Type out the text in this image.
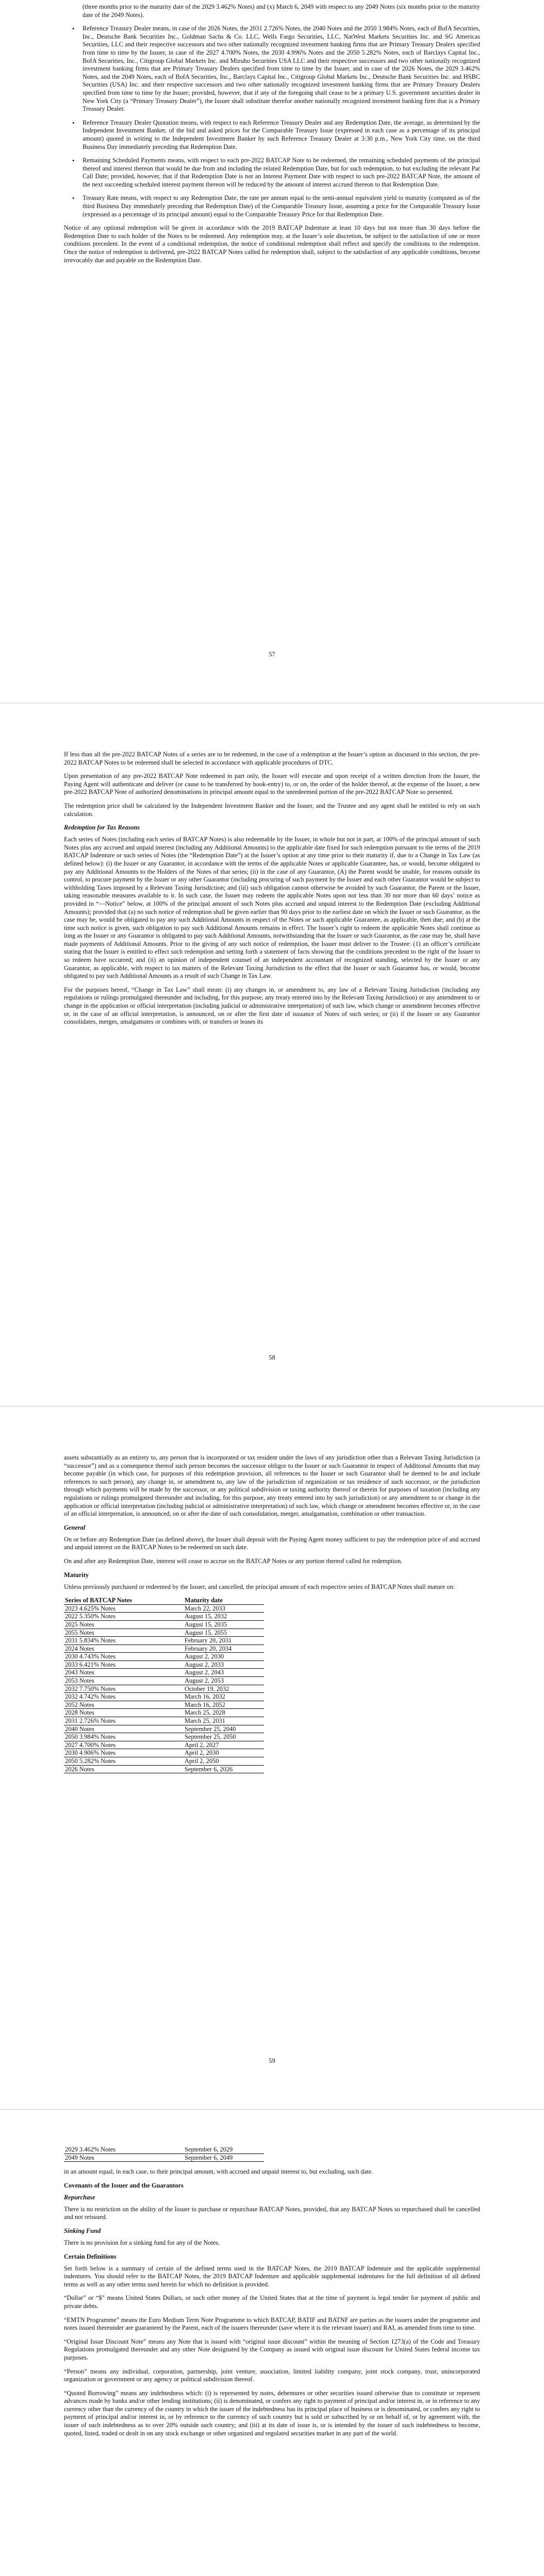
(three months prior to the maturity date of the 2029 3.462% Notes) and (x) March 6, 2049 with respect to any 2049 Notes (six months prior to the maturity date of the 2049 Notes).

• Reference Treasury Dealer means, in case of the 2026 Notes, the 2031 2.726% Notes, the 2040 Notes and the 2050 3.984% Notes, each of BofA Securities, Inc., Deutsche Bank Securities Inc., Goldman Sachs & Co. LLC, Wells Fargo Securities, LLC, NatWest Markets Securities Inc. and SG Americas Securities, LLC and their respective successors and two other nationally recognized investment banking firms that are Primary Treasury Dealers specified from time to time by the Issuer, in case of the 2027 4.700% Notes, the 2030 4.996% Notes and the 2050 5.282% Notes, each of Barclays Capital Inc., BofA Securities, Inc., Citigroup Global Markets Inc. and Mizuho Securities USA LLC and their respective successors and two other nationally recognized investment banking firms that are Primary Treasury Dealers specified from time to time by the Issuer, and in case of the 2026 Notes, the 2029 3.462% Notes, and the 2049 Notes, each of BofA Securities, Inc., Barclays Capital Inc., Citigroup Global Markets Inc., Deutsche Bank Securities Inc. and HSBC Securities (USA) Inc. and their respective successors and two other nationally recognized investment banking firms that are Primary Treasury Dealers specified from time to time by the Issuer; provided, however, that if any of the foregoing shall cease to be a primary U.S. government securities dealer in New York City (a “Primary Treasury Dealer”), the Issuer shall substitute therefor another nationally recognized investment banking firm that is a Primary Treasury Dealer.

• Reference Treasury Dealer Quotation means, with respect to each Reference Treasury Dealer and any Redemption Date, the average, as determined by the Independent Investment Banker, of the bid and asked prices for the Comparable Treasury Issue (expressed in each case as a percentage of its principal amount) quoted in writing to the Independent Investment Banker by such Reference Treasury Dealer at 3:30 p.m., New York City time, on the third Business Day immediately preceding that Redemption Date.

• Remaining Scheduled Payments means, with respect to each pre-2022 BATCAP Note to be redeemed, the remaining scheduled payments of the principal thereof and interest thereon that would be due from and including the related Redemption Date, but for such redemption, to but excluding the relevant Par Call Date; provided, however, that if that Redemption Date is not an Interest Payment Date with respect to such pre-2022 BATCAP Note, the amount of the next succeeding scheduled interest payment thereon will be reduced by the amount of interest accrued thereon to that Redemption Date.

• Treasury Rate means, with respect to any Redemption Date, the rate per annum equal to the semi-annual equivalent yield to maturity (computed as of the third Business Day immediately preceding that Redemption Date) of the Comparable Treasury Issue, assuming a price for the Comparable Treasury Issue (expressed as a percentage of its principal amount) equal to the Comparable Treasury Price for that Redemption Date.

Notice of any optional redemption will be given in accordance with the 2019 BATCAP Indenture at least 10 days but not more than 30 days before the Redemption Date to each holder of the Notes to be redeemed. Any redemption may, at the Issuer’s sole discretion, be subject to the satisfaction of one or more conditions precedent. In the event of a conditional redemption, the notice of conditional redemption shall reflect and specify the conditions to the redemption. Once the notice of redemption is delivered, pre-2022 BATCAP Notes called for redemption shall, subject to the satisfaction of any applicable conditions, become irrevocably due and payable on the Redemption Date.

57

If less than all the pre-2022 BATCAP Notes of a series are to be redeemed, in the case of a redemption at the Issuer’s option as discussed in this section, the pre-2022 BATCAP Notes to be redeemed shall be selected in accordance with applicable procedures of DTC.

Upon presentation of any pre-2022 BATCAP Note redeemed in part only, the Issuer will execute and upon receipt of a written direction from the Issuer, the Paying Agent will authenticate and deliver (or cause to be transferred by book-entry) to, or on, the order of the holder thereof, at the expense of the Issuer, a new pre-2022 BATCAP Note of authorized denominations in principal amount equal to the unredeemed portion of the pre-2022 BATCAP Note so presented.

The redemption price shall be calculated by the Independent Investment Banker and the Issuer, and the Trustee and any agent shall be entitled to rely on such calculation.

Redemption for Tax Reasons

Each series of Notes (including each series of BATCAP Notes) is also redeemable by the Issuer, in whole but not in part, at 100% of the principal amount of such Notes plus any accrued and unpaid interest (including any Additional Amounts) to the applicable date fixed for such redemption pursuant to the terms of the 2019 BATCAP Indenture or such series of Notes (the “Redemption Date”) at the Issuer’s option at any time prior to their maturity if, due to a Change in Tax Law (as defined below): (i) the Issuer or any Guarantor, in accordance with the terms of the applicable Notes or applicable Guarantee, has, or would, become obligated to pay any Additional Amounts to the Holders of the Notes of that series; (ii) in the case of any Guarantor, (A) the Parent would be unable, for reasons outside its control, to procure payment by the Issuer or any other Guarantor (including procuring of such payment by the Issuer and each other Guarantor would be subject to withholding Taxes imposed by a Relevant Taxing Jurisdiction; and (iii) such obligation cannot otherwise be avoided by such Guarantor, the Parent or the Issuer, taking reasonable measures available to it. In such case, the Issuer may redeem the applicable Notes upon not less than 30 nor more than 60 days’ notice as provided in “—Notice” below, at 100% of the principal amount of such Notes plus accrued and unpaid interest to the Redemption Date (excluding Additional Amounts); provided that (a) no such notice of redemption shall be given earlier than 90 days prior to the earliest date on which the Issuer or such Guarantor, as the case may be, would be obligated to pay any such Additional Amounts in respect of the Notes or such applicable Guarantee, as applicable, then due; and (b) at the time such notice is given, such obligation to pay such Additional Amounts remains in effect. The Issuer’s right to redeem the applicable Notes shall continue as long as the Issuer or any Guarantor is obligated to pay such Additional Amounts, notwithstanding that the Issuer or such Guarantor, as the case may be, shall have made payments of Additional Amounts. Prior to the giving of any such notice of redemption, the Issuer must deliver to the Trustee: (1) an officer’s certificate stating that the Issuer is entitled to effect such redemption and setting forth a statement of facts showing that the conditions precedent to the right of the Issuer to so redeem have occurred; and (ii) an opinion of independent counsel of an independent accountant of recognized standing, selected by the Issuer or any Guarantor, as applicable, with respect to tax matters of the Relevant Taxing Jurisdiction to the effect that the Issuer or such Guarantor has, or would, become obligated to pay such Additional Amounts as a result of such Change in Tax Law.

For the purposes hereof, “Change in Tax Law” shall mean: (i) any changes in, or amendment to, any law of a Relevant Taxing Jurisdiction (including any regulations or rulings promulgated thereunder and including, for this purpose, any treaty entered into by the Relevant Taxing Jurisdiction) or any amendment to or change in the application or official interpretation (including judicial or administrative interpretation) of such law, which change or amendment becomes effective or, in the case of an official interpretation, is announced, on or after the first date of issuance of Notes of such series; or (ii) if the Issuer or any Guarantor consolidates, merges, amalgamates or combines with, or transfers or leases its

58

assets substantially as an entirety to, any person that is incorporated or tax resident under the laws of any jurisdiction other than a Relevant Taxing Jurisdiction (a “successor”) and as a consequence thereof such person becomes the successor obligor to the Issuer or such Guarantor in respect of Additional Amounts that may become payable (in which case, for purposes of this redemption provision, all references to the Issuer or such Guarantor shall be deemed to be and include references to such person), any change in, or amendment to, any law of the jurisdiction of organization or tax residence of such successor, or the jurisdiction through which payments will be made by the successor, or any political subdivision or taxing authority thereof or therein for purposes of taxation (including any regulations or rulings promulgated thereunder and including, for this purpose, any treaty entered into by such jurisdiction) or any amendment to or change in the application or official interpretation (including judicial or administrative interpretation) of such law, which change or amendment becomes effective or, in the case of an official interpretation, is announced, on or after the date of such consolidation, merger, amalgamation, combination or other transaction.

General

On or before any Redemption Date (as defined above), the Issuer shall deposit with the Paying Agent money sufficient to pay the redemption price of and accrued and unpaid interest on the BATCAP Notes to be redeemed on such date.

On and after any Redemption Date, interest will cease to accrue on the BATCAP Notes or any portion thereof called for redemption.

Maturity

Unless previously purchased or redeemed by the Issuer, and cancelled, the principal amount of each respective series of BATCAP Notes shall mature on:

Series of BATCAP Notes	Maturity date
2023 4.625% Notes	March 22, 2033
2022 5.350% Notes	August 15, 2032
2025 Notes	August 15, 2035
2055 Notes	August 15, 2055
2031 5.834% Notes	February 20, 2031
2024 Notes	February 20, 2034
2030 4.743% Notes	August 2, 2030
2033 6.421% Notes	August 2, 2033
2043 Notes	August 2, 2043
2053 Notes	August 2, 2053
2032 7.750% Notes	October 19, 2032
2032 4.742% Notes	March 16, 2032
2052 Notes	March 16, 2052
2028 Notes	March 25, 2028
2031 2.726% Notes	March 25, 2031
2040 Notes	September 25, 2040
2050 3.984% Notes	September 25, 2050
2027 4.700% Notes	April 2, 2027
2030 4.906% Notes	April 2, 2030
2050 5.282% Notes	April 2, 2050
2026 Notes	September 6, 2026
59
2029 3.462% Notes	September 6, 2029
2049 Notes	September 6, 2049

in an amount equal, in each case, to their principal amount, with accrued and unpaid interest to, but excluding, such date.

Covenants of the Issuer and the Guarantors
Repurchase

There is no restriction on the ability of the Issuer to purchase or repurchase BATCAP Notes, provided, that any BATCAP Notes so repurchased shall be cancelled and not reissued.

Sinking Fund

There is no provision for a sinking fund for any of the Notes.

Certain Definitions

Set forth below is a summary of certain of the defined terms used in the BATCAP Notes, the 2019 BATCAP Indenture and the applicable supplemental indentures. You should refer to the BATCAP Notes, the 2019 BATCAP Indenture and applicable supplemental indentures for the full definition of all defined terms as well as any other terms used herein for which no definition is provided.

“Dollar” or “$” means United States Dollars, or such other money of the United States that at the time of payment is legal tender for payment of public and private debts.

“EMTN Programme” means the Euro Medium Term Note Programme to which BATCAP, BATIF and BATNF are parties as the issuers under the programme and notes issued thereunder are guaranteed by the Parent, each of the issuers thereunder (save where it is the relevant issuer) and RAI, as amended from time to time.

“Original Issue Discount Note” means any Note that is issued with “original issue discount” within the meaning of Section 1273(a) of the Code and Treasury Regulations promulgated thereunder and any other Note designated by the Company as issued with original issue discount for United States federal income tax purposes.

“Person” means any individual, corporation, partnership, joint venture, association, limited liability company, joint stock company, trust, unincorporated organization or government or any agency or political subdivision thereof.

“Quoted Borrowing” means any indebtedness which: (i) is represented by notes, debentures or other securities issued otherwise than to constitute or represent advances made by banks and/or other lending institutions; (ii) is denominated, or confers any right to payment of principal and/or interest in, or in reference to any currency other than the currency of the country in which the issuer of the indebtedness has its principal place of business or is denominated, or confers any right to payment of principal and/or interest in, or by reference to the currency of such country but is sold or subscribed by or on behalf of, or by agreement with, the issuer of such indebtedness as to over 20% outside such country; and (iii) at its date of issue is, or is intended by the issuer of such indebtedness to become, quoted, listed, traded or dealt in on any stock exchange or other organized and regulated securities market in any part of the world.
